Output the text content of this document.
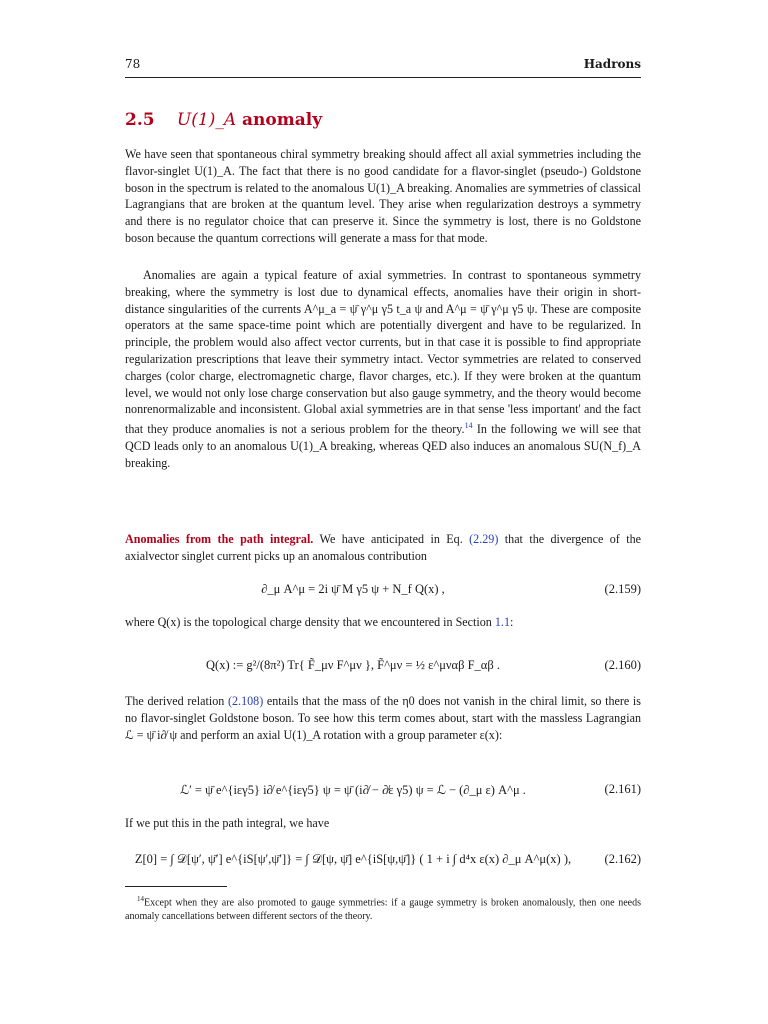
78	Hadrons
2.5 U(1)_A anomaly

We have seen that spontaneous chiral symmetry breaking should affect all axial symmetries including the flavor-singlet U(1)_A. The fact that there is no good candidate for a flavor-singlet (pseudo-) Goldstone boson in the spectrum is related to the anomalous U(1)_A breaking. Anomalies are symmetries of classical Lagrangians that are broken at the quantum level. They arise when regularization destroys a symmetry and there is no regulator choice that can preserve it. Since the symmetry is lost, there is no Goldstone boson because the quantum corrections will generate a mass for that mode.

Anomalies are again a typical feature of axial symmetries. In contrast to spontaneous symmetry breaking, where the symmetry is lost due to dynamical effects, anomalies have their origin in short-distance singularities of the currents A^μ_a = ψ̄ γ^μ γ5 t_a ψ and A^μ = ψ̄ γ^μ γ5 ψ. These are composite operators at the same space-time point which are potentially divergent and have to be regularized. In principle, the problem would also affect vector currents, but in that case it is possible to find appropriate regularization prescriptions that leave their symmetry intact. Vector symmetries are related to conserved charges (color charge, electromagnetic charge, flavor charges, etc.). If they were broken at the quantum level, we would not only lose charge conservation but also gauge symmetry, and the theory would become nonrenormalizable and inconsistent. Global axial symmetries are in that sense 'less important' and the fact that they produce anomalies is not a serious problem for the theory.$^{14}$ In the following we will see that QCD leads only to an anomalous U(1)_A breaking, whereas QED also induces an anomalous SU(N_f)_A breaking.

Anomalies from the path integral. We have anticipated in Eq. (2.29) that the divergence of the axialvector singlet current picks up an anomalous contribution

∂_μ A^μ = 2i ψ̄ M γ5 ψ + N_f Q(x) ,	(2.159)

where Q(x) is the topological charge density that we encountered in Section 1.1:

Q(x) := g²/(8π²) Tr{ F̃_μν F^μν }, F̃^μν = ½ ε^μναβ F_αβ .	(2.160)

The derived relation (2.108) entails that the mass of the η0 does not vanish in the chiral limit, so there is no flavor-singlet Goldstone boson. To see how this term comes about, start with the massless Lagrangian ℒ = ψ̄ i∂̸ ψ and perform an axial U(1)_A rotation with a group parameter ε(x):

ℒ′ = ψ̄ e^{iεγ5} i∂̸ e^{iεγ5} ψ = ψ̄ (i∂̸ − ∂̸ε γ5) ψ = ℒ − (∂_μ ε) A^μ .	(2.161)

If we put this in the path integral, we have

Z[0] = ∫ 𝒟[ψ′, ψ̄′] e^{iS[ψ′,ψ̄′]} = ∫ 𝒟[ψ, ψ̄] e^{iS[ψ,ψ̄]} ( 1 + i ∫ d⁴x ε(x) ∂_μ A^μ(x) ),	(2.162)

$^{14}$Except when they are also promoted to gauge symmetries: if a gauge symmetry is broken anomalously, then one needs anomaly cancellations between different sectors of the theory.
